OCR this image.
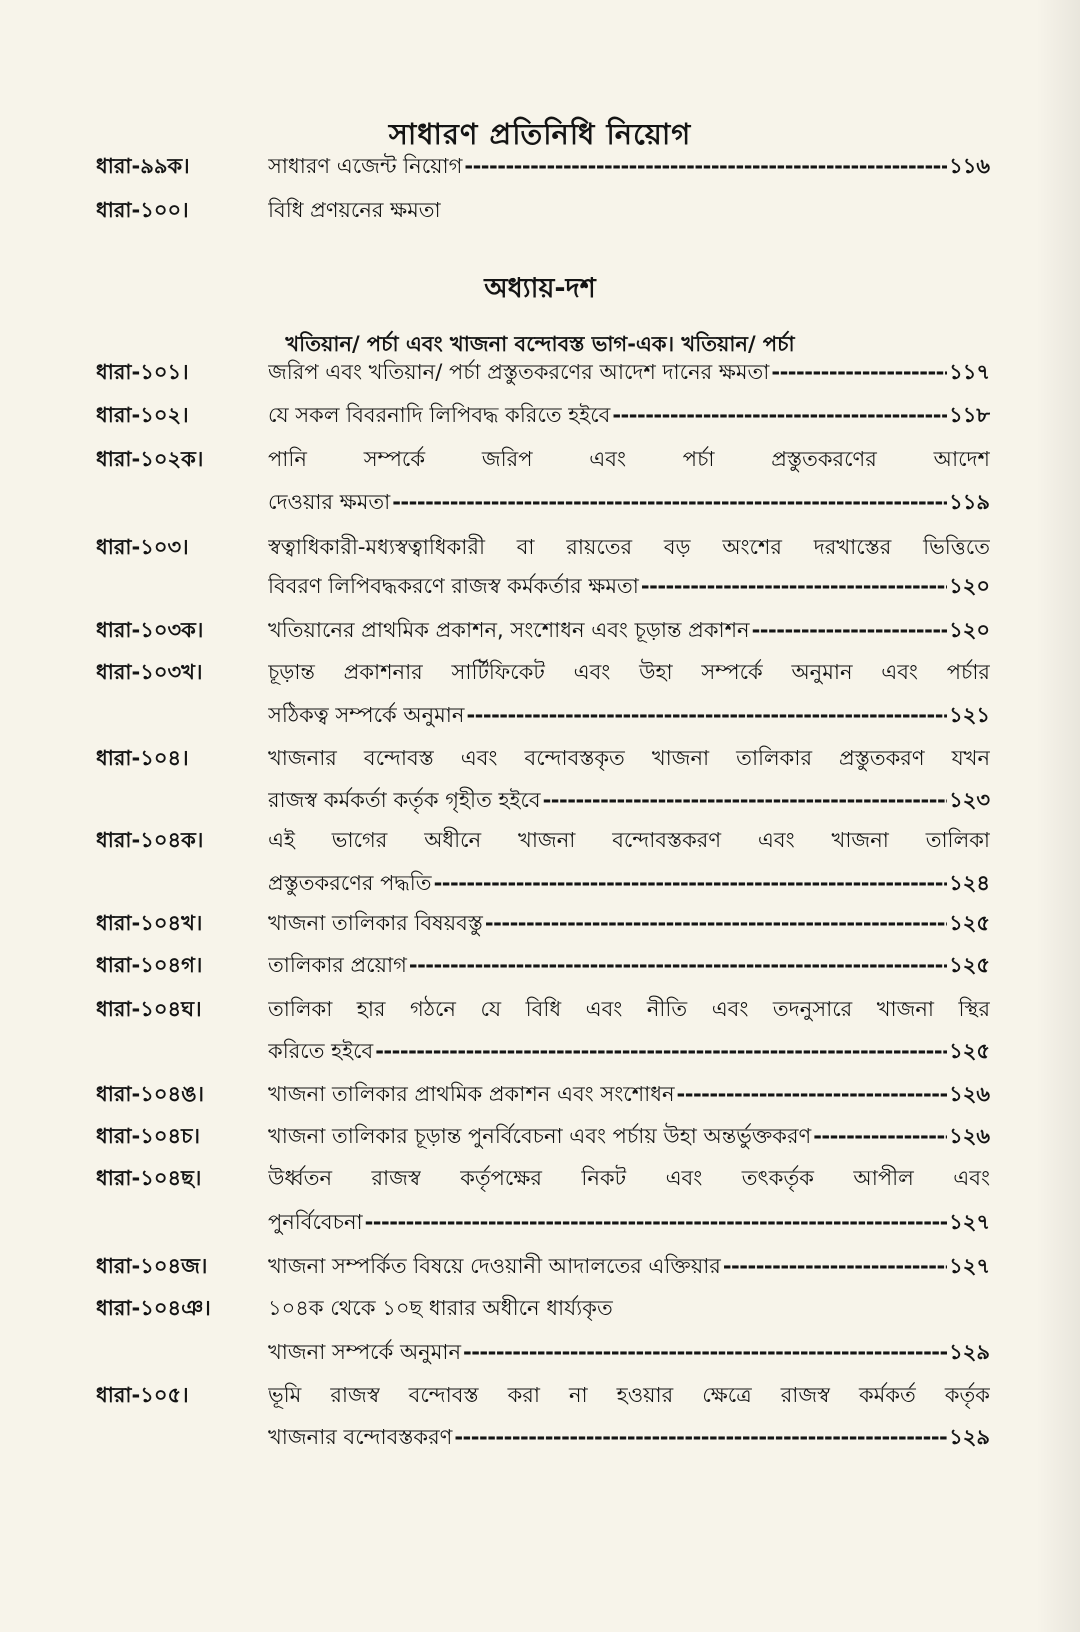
সাধারণ প্রতিনিধি নিয়োগ
অধ্যায়-দশ
খতিয়ান/ পর্চা এবং খাজনা বন্দোবস্ত ভাগ-এক। খতিয়ান/ পর্চা
ধারা-৯৯ক।	সাধারণ এজেন্ট নিয়োগ -----	১১৬
ধারা-১০০।	বিধি প্রণয়নের ক্ষমতা
ধারা-১০১।	জরিপ এবং খতিয়ান/ পর্চা প্রস্তুতকরণের আদেশ দানের ক্ষমতা -----	১১৭
ধারা-১০২।	যে সকল বিবরনাদি লিপিবদ্ধ করিতে হইবে -----	১১৮
ধারা-১০২ক।	পানি সম্পর্কে জরিপ এবং পর্চা প্রস্তুতকরণের আদেশ
দেওয়ার ক্ষমতা -----	১১৯
ধারা-১০৩।	স্বত্বাধিকারী-মধ্যস্বত্বাধিকারী বা রায়তের বড় অংশের দরখাস্তের ভিত্তিতে
বিবরণ লিপিবদ্ধকরণে রাজস্ব কর্মকর্তার ক্ষমতা -----	১২০
ধারা-১০৩ক।	খতিয়ানের প্রাথমিক প্রকাশন, সংশোধন এবং চূড়ান্ত প্রকাশন -----	১২০
ধারা-১০৩খ।	চূড়ান্ত প্রকাশনার সার্টিফিকেট এবং উহা সম্পর্কে অনুমান এবং পর্চার
সঠিকত্ব সম্পর্কে অনুমান -----	১২১
ধারা-১০৪।	খাজনার বন্দোবস্ত এবং বন্দোবস্তকৃত খাজনা তালিকার প্রস্তুতকরণ যখন
রাজস্ব কর্মকর্তা কর্তৃক গৃহীত হইবে -----	১২৩
ধারা-১০৪ক।	এই ভাগের অধীনে খাজনা বন্দোবস্তকরণ এবং খাজনা তালিকা
প্রস্তুতকরণের পদ্ধতি -----	১২৪
ধারা-১০৪খ।	খাজনা তালিকার বিষয়বস্তু -----	১২৫
ধারা-১০৪গ।	তালিকার প্রয়োগ -----	১২৫
ধারা-১০৪ঘ।	তালিকা হার গঠনে যে বিধি এবং নীতি এবং তদনুসারে খাজনা স্থির
করিতে হইবে -----	১২৫
ধারা-১০৪ঙ।	খাজনা তালিকার প্রাথমিক প্রকাশন এবং সংশোধন -----	১২৬
ধারা-১০৪চ।	খাজনা তালিকার চূড়ান্ত পুনর্বিবেচনা এবং পর্চায় উহা অন্তর্ভুক্তকরণ -----	১২৬
ধারা-১০৪ছ।	উর্ধ্বতন রাজস্ব কর্তৃপক্ষের নিকট এবং তৎকর্তৃক আপীল এবং
পুনর্বিবেচনা -----	১২৭
ধারা-১০৪জ।	খাজনা সম্পর্কিত বিষয়ে দেওয়ানী আদালতের এক্তিয়ার -----	১২৭
ধারা-১০৪ঞ।	১০৪ক থেকে ১০ছ ধারার অধীনে ধার্য্যকৃত
খাজনা সম্পর্কে অনুমান -----	১২৯
ধারা-১০৫।	ভূমি রাজস্ব বন্দোবস্ত করা না হওয়ার ক্ষেত্রে রাজস্ব কর্মকর্ত কর্তৃক
খাজনার বন্দোবস্তকরণ -----	১২৯
